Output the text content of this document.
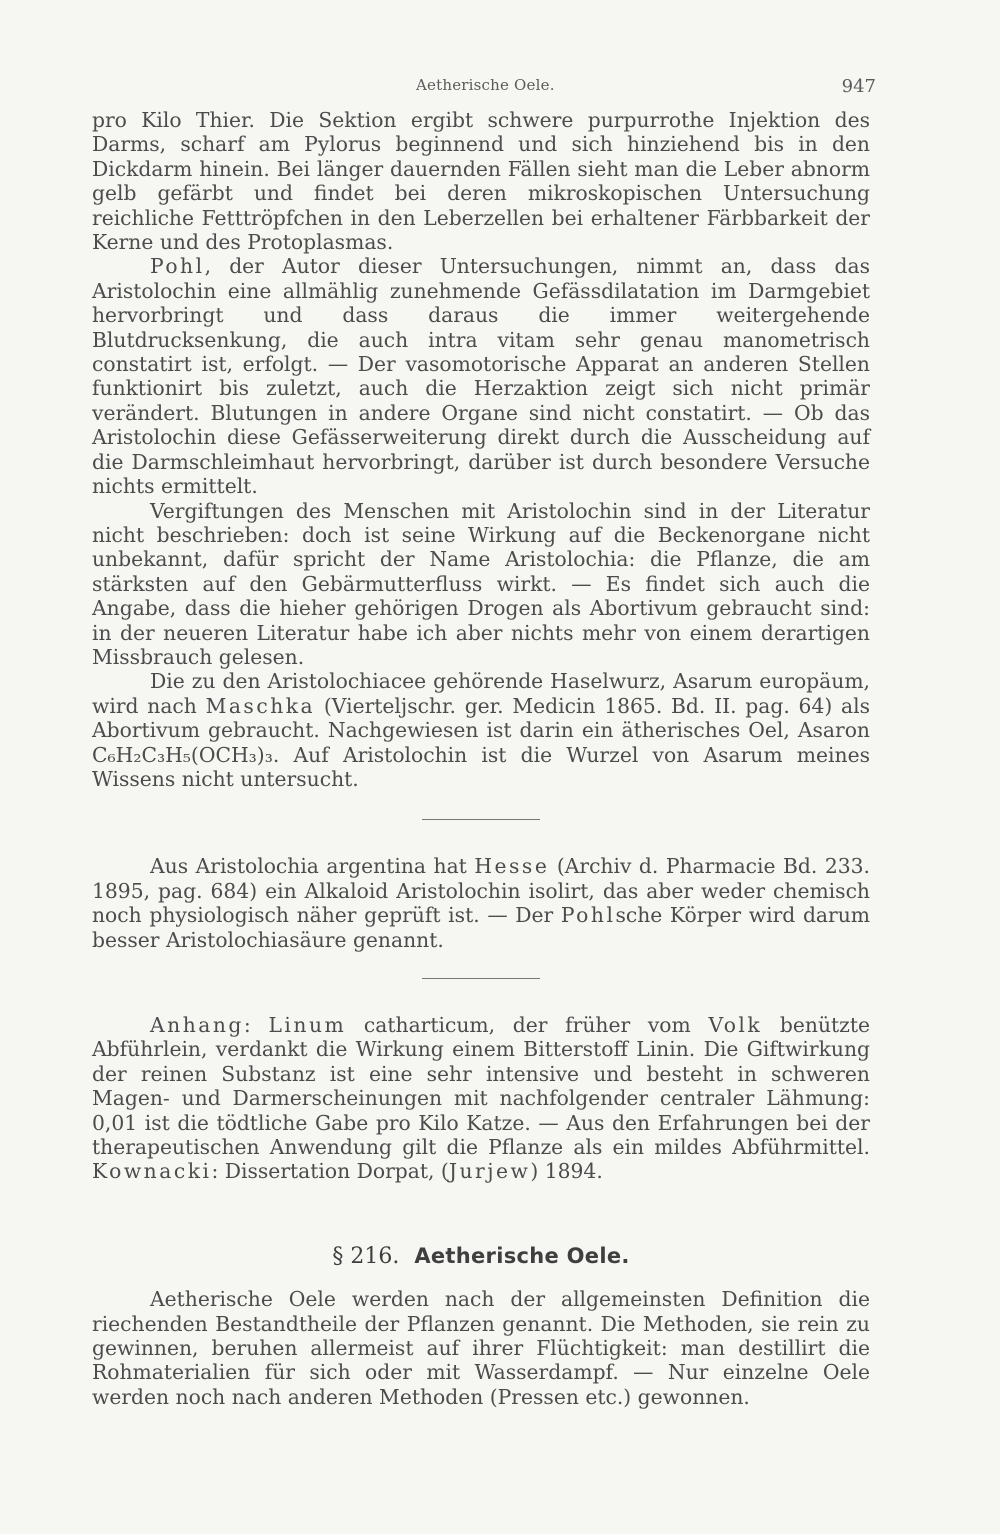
Aetherische Oele.	947

pro Kilo Thier. Die Sektion ergibt schwere purpurrothe Injektion des Darms, scharf am Pylorus beginnend und sich hinziehend bis in den Dickdarm hinein. Bei länger dauernden Fällen sieht man die Leber abnorm gelb gefärbt und findet bei deren mikroskopischen Untersuchung reichliche Fetttröpfchen in den Leberzellen bei erhaltener Färbbarkeit der Kerne und des Protoplasmas.

Pohl, der Autor dieser Untersuchungen, nimmt an, dass das Aristolochin eine allmählig zunehmende Gefässdilatation im Darmgebiet hervorbringt und dass daraus die immer weitergehende Blutdrucksenkung, die auch intra vitam sehr genau manometrisch constatirt ist, erfolgt. — Der vasomotorische Apparat an anderen Stellen funktionirt bis zuletzt, auch die Herzaktion zeigt sich nicht primär verändert. Blutungen in andere Organe sind nicht constatirt. — Ob das Aristolochin diese Gefässerweiterung direkt durch die Ausscheidung auf die Darmschleimhaut hervorbringt, darüber ist durch besondere Versuche nichts ermittelt.

Vergiftungen des Menschen mit Aristolochin sind in der Literatur nicht beschrieben: doch ist seine Wirkung auf die Beckenorgane nicht unbekannt, dafür spricht der Name Aristolochia: die Pflanze, die am stärksten auf den Gebärmutterfluss wirkt. — Es findet sich auch die Angabe, dass die hieher gehörigen Drogen als Abortivum gebraucht sind: in der neueren Literatur habe ich aber nichts mehr von einem derartigen Missbrauch gelesen.

Die zu den Aristolochiacee gehörende Haselwurz, Asarum europäum, wird nach Maschka (Vierteljschr. ger. Medicin 1865. Bd. II. pag. 64) als Abortivum gebraucht. Nachgewiesen ist darin ein ätherisches Oel, Asaron C₆H₂C₃H₅(OCH₃)₃. Auf Aristolochin ist die Wurzel von Asarum meines Wissens nicht untersucht.

Aus Aristolochia argentina hat Hesse (Archiv d. Pharmacie Bd. 233. 1895, pag. 684) ein Alkaloid Aristolochin isolirt, das aber weder chemisch noch physiologisch näher geprüft ist. — Der Pohlsche Körper wird darum besser Aristolochiasäure genannt.

Anhang: Linum catharticum, der früher vom Volk benützte Abführlein, verdankt die Wirkung einem Bitterstoff Linin. Die Giftwirkung der reinen Substanz ist eine sehr intensive und besteht in schweren Magen- und Darmerscheinungen mit nachfolgender centraler Lähmung: 0,01 ist die tödtliche Gabe pro Kilo Katze. — Aus den Erfahrungen bei der therapeutischen Anwendung gilt die Pflanze als ein mildes Abführmittel. Kownacki: Dissertation Dorpat, (Jurjew) 1894.

§ 216. Aetherische Oele.

Aetherische Oele werden nach der allgemeinsten Definition die riechenden Bestandtheile der Pflanzen genannt. Die Methoden, sie rein zu gewinnen, beruhen allermeist auf ihrer Flüchtigkeit: man destillirt die Rohmaterialien für sich oder mit Wasserdampf. — Nur einzelne Oele werden noch nach anderen Methoden (Pressen etc.) gewonnen.
